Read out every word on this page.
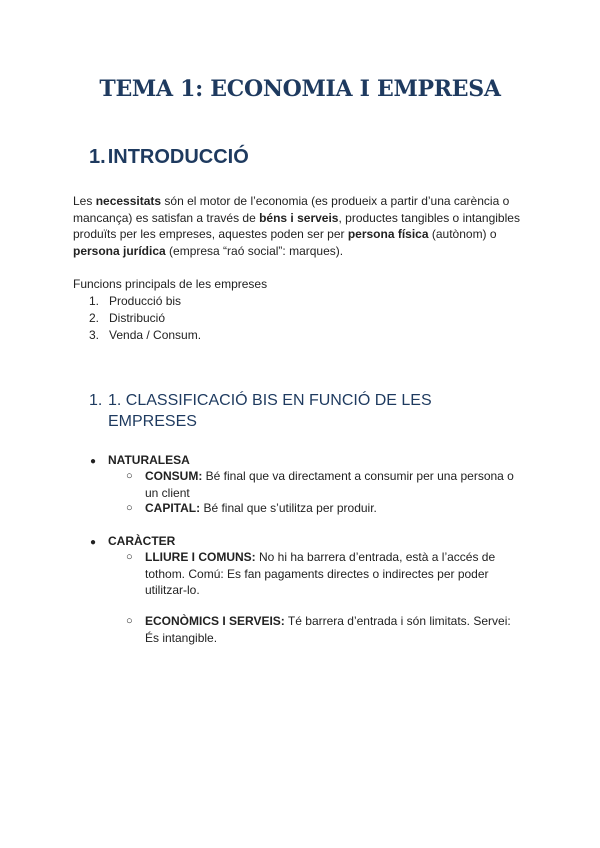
TEMA 1: ECONOMIA I EMPRESA
1. INTRODUCCIÓ

Les necessitats són el motor de l’economia (es produeix a partir d’una carència o mancança) es satisfan a través de béns i serveis, productes tangibles o intangibles produïts per les empreses, aquestes poden ser per persona física (autònom) o persona jurídica (empresa “raó social”: marques).

Funcions principals de les empreses

1. Producció bis
2. Distribució
3. Venda / Consum.
1. 1. CLASSIFICACIÓ BIS EN FUNCIÓ DE LES EMPRESES
● NATURALESA
○	CONSUM: Bé final que va directament a consumir per una persona o un client
○	CAPITAL: Bé final que s’utilitza per produir.
● CARÀCTER
○	LLIURE I COMUNS: No hi ha barrera d’entrada, està a l’accés de tothom. Comú: Es fan pagaments directes o indirectes per poder utilitzar-lo.
○	ECONÒMICS I SERVEIS: Té barrera d’entrada i són limitats. Servei: És intangible.
